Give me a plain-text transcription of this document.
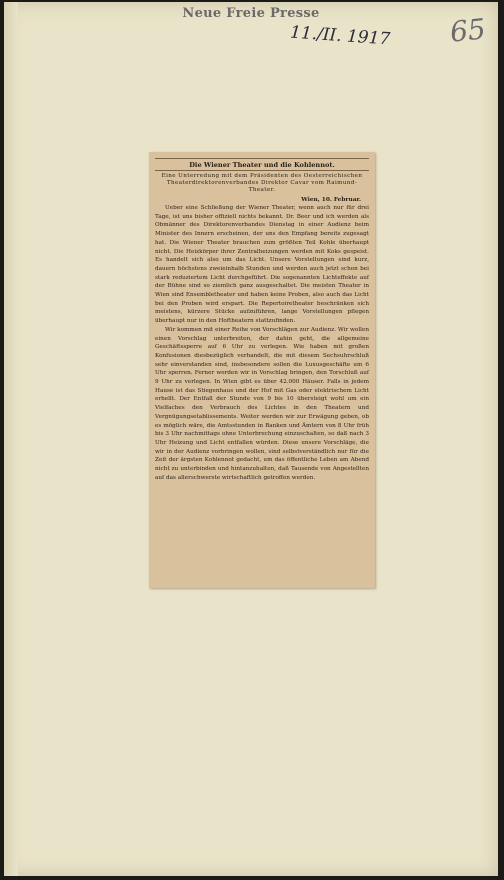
Neue Freie Presse
11./II. 1917 65
Die Wiener Theater und die Kohlennot.
Eine Unterredung mit dem Präsidenten des Oesterreichischen Theaterdirektorenverbandes Direktor Cavar vom Raimund-Theater.
Wien, 10. Februar.

Ueber eine Schließung der Wiener Theater, wenn auch nur für drei Tage, ist uns bisher offiziell nichts bekannt. Dr. Beer und ich werden als Obmänner des Direktorenverbandes Dienstag in einer Audienz beim Minister des Innern erscheinen, der uns den Empfang bereits zugesagt hat. Die Wiener Theater brauchen zum größten Teil Kohle überhaupt nicht. Die Heizkörper ihrer Zentralheizungen werden mit Koks gespeist. Es handelt sich also um das Licht. Unsere Vorstellungen sind kurz, dauern höchstens zweieinhalb Stunden und werden auch jetzt schon bei stark reduziertem Licht durchgeführt. Die sogenannten Lichteffekte auf der Bühne sind so ziemlich ganz ausgeschaltet. Die meisten Theater in Wien sind Ensembletheater und haben keine Proben, also auch das Licht bei den Proben wird erspart. Die Repertoiretheater beschränken sich meistens, kürzere Stücke aufzuführen, lange Vorstellungen pflegen überhaupt nur in den Hoftheatern stattzufinden.

Wir kommen mit einer Reihe von Vorschlägen zur Audienz. Wir wollen einen Vorschlag unterbreiten, der dahin geht, die allgemeine Geschäftssperre auf 6 Uhr zu verlegen. Wie haben mit großen Konfusionen diesbezüglich verhandelt, die mit diesem Sechsuhrschluß sehr einverstanden sind, insbesondere sollen die Luxusgeschäfte um 6 Uhr sperren. Ferner werden wir in Vorschlag bringen, den Torschluß auf 9 Uhr zu verlegen. In Wien gibt es über 42.000 Häuser. Falls in jedem Hause ist das Stiegenhaus und der Hof mit Gas oder elektrischem Licht erhellt. Der Entfall der Stunde von 9 bis 10 übersteigt wohl um ein Vielfaches den Verbrauch des Lichtes in den Theatern und Vergnügungsetablissements. Weiter werden wir zur Erwägung geben, ob es möglich wäre, die Amtsstunden in Banken und Ämtern von 8 Uhr früh bis 3 Uhr nachmittags ohne Unterbrechung einzuschalten, so daß nach 3 Uhr Heizung und Licht entfallen würden. Diese unsere Vorschläge, die wir in der Audienz vorbringen wollen, sind selbstverständlich nur für die Zeit der ärgsten Kohlennot gedacht, um das öffentliche Leben am Abend nicht zu unterbinden und hintanzuhalten, daß Tausende von Angestellten auf das allerschwerste wirtschaftlich getroffen werden.
